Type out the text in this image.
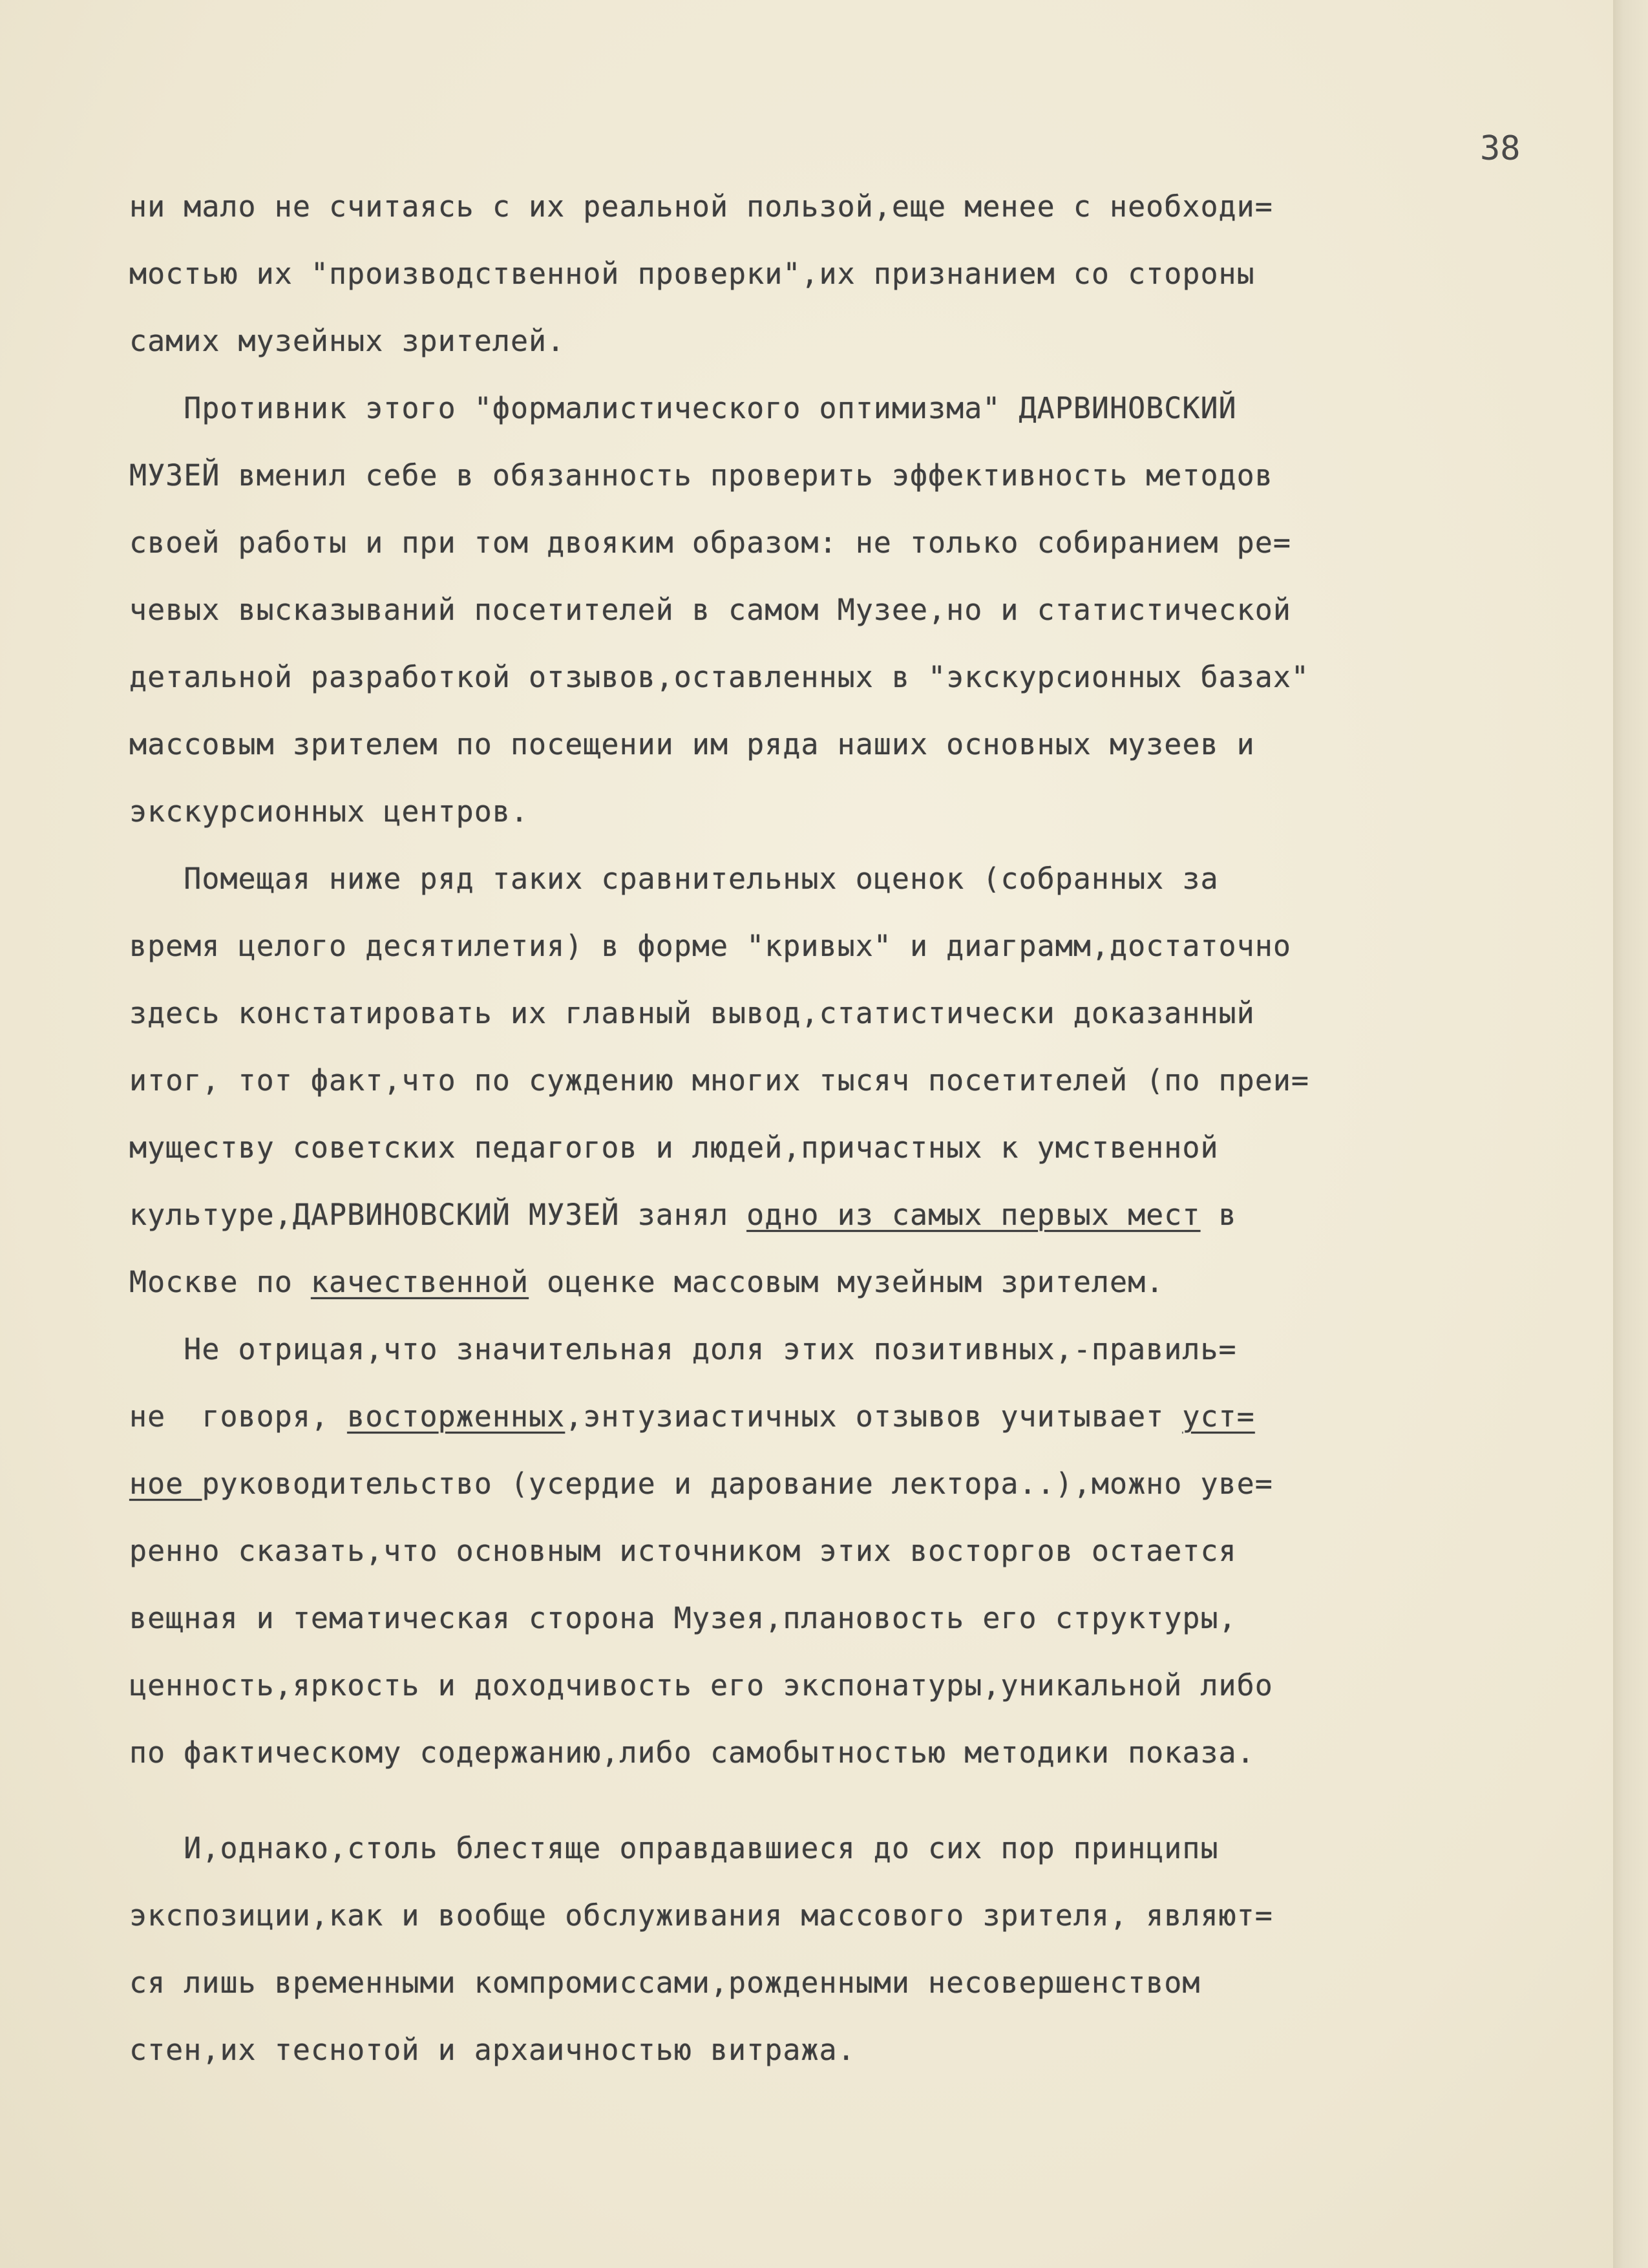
38
ни мало не считаясь с их реальной пользой,еще менее с необходи=
мостью их "производственной проверки",их признанием со стороны
самих музейных зрителей.
Противник этого "формалистического оптимизма" ДАРВИНОВСКИЙ
МУЗЕЙ вменил себе в обязанность проверить эффективность методов
своей работы и при том двояким образом: не только собиранием ре=
чевых высказываний посетителей в самом Музее,но и статистической
детальной разработкой отзывов,оставленных в "экскурсионных базах"
массовым зрителем по посещении им ряда наших основных музеев и
экскурсионных центров.
Помещая ниже ряд таких сравнительных оценок (собранных за
время целого десятилетия) в форме "кривых" и диаграмм,достаточно
здесь констатировать их главный вывод,статистически доказанный
итог, тот факт,что по суждению многих тысяч посетителей (по преи=
муществу советских педагогов и людей,причастных к умственной
культуре,ДАРВИНОВСКИЙ МУЗЕЙ занял одно из самых первых мест в
Москве по качественной оценке массовым музейным зрителем.
Не отрицая,что значительная доля этих позитивных,-правиль=
не  говоря, восторженных,энтузиастичных отзывов учитывает уст=
ное руководительство (усердие и дарование лектора..),можно уве=
ренно сказать,что основным источником этих восторгов остается
вещная и тематическая сторона Музея,плановость его структуры,
ценность,яркость и доходчивость его экспонатуры,уникальной либо
по фактическому содержанию,либо самобытностью методики показа.
И,однако,столь блестяще оправдавшиеся до сих пор принципы
экспозиции,как и вообще обслуживания массового зрителя, являют=
ся лишь временными компромиссами,рожденными несовершенством
стен,их теснотой и архаичностью витража.
